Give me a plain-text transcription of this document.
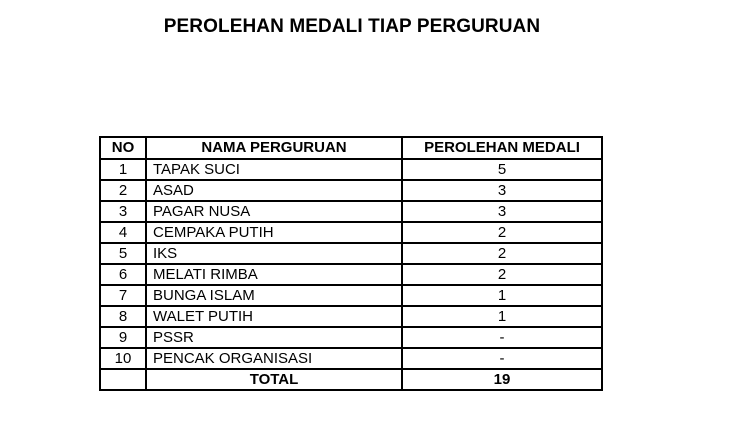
PEROLEHAN MEDALI TIAP PERGURUAN
NO	NAMA PERGURUAN	PEROLEHAN MEDALI
1	TAPAK SUCI	5
2	ASAD	3
3	PAGAR NUSA	3
4	CEMPAKA PUTIH	2
5	IKS	2
6	MELATI RIMBA	2
7	BUNGA ISLAM	1
8	WALET PUTIH	1
9	PSSR	-
10	PENCAK ORGANISASI	-
	TOTAL	19
